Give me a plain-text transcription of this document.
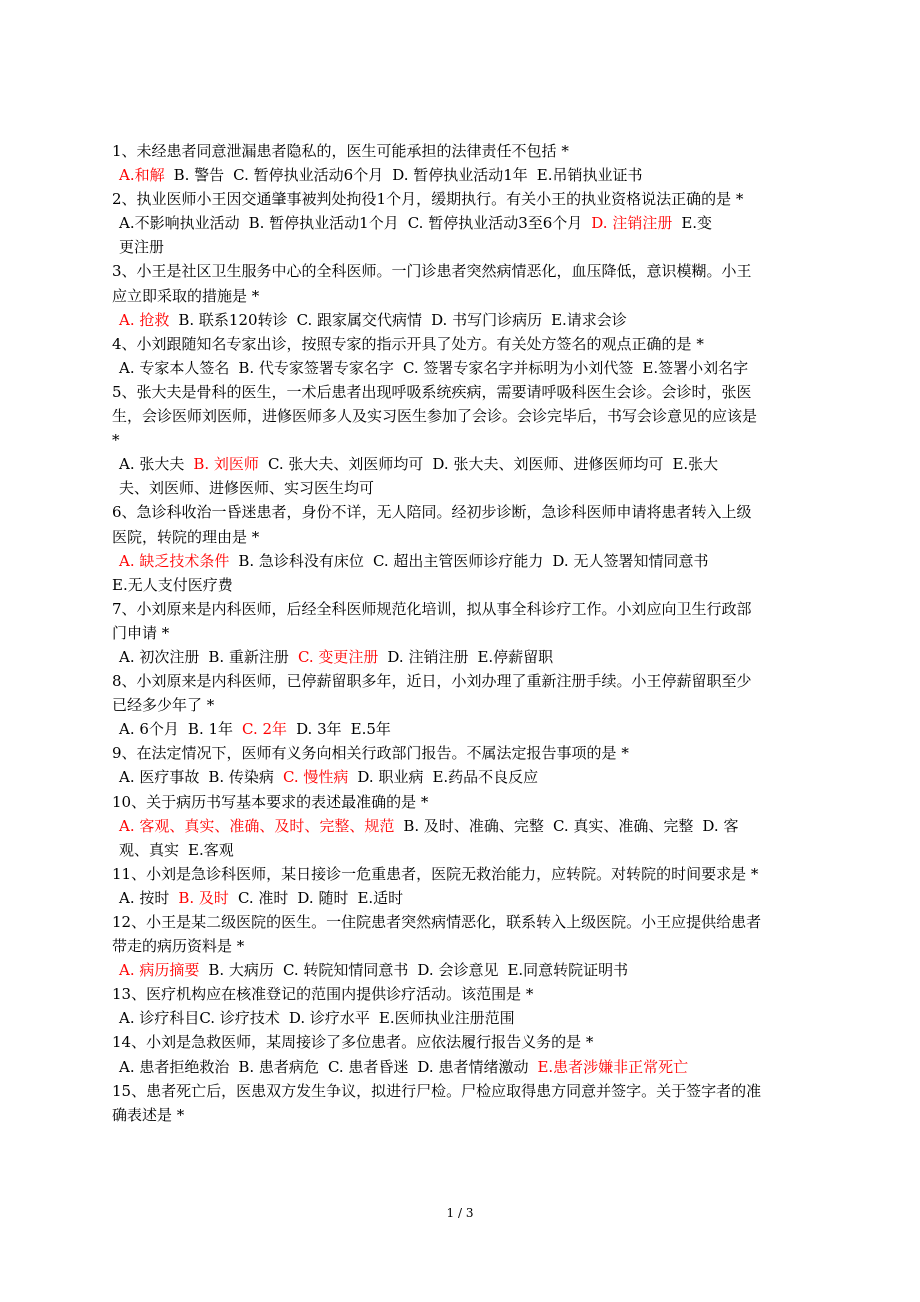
1、未经患者同意泄漏患者隐私的，医生可能承担的法律责任不包括 *
A.和解 B. 警告 C. 暂停执业活动6个月 D. 暂停执业活动1年 E.吊销执业证书
2、执业医师小王因交通肇事被判处拘役1个月，缓期执行。有关小王的执业资格说法正确的是 *
A.不影响执业活动 B. 暂停执业活动1个月 C. 暂停执业活动3至6个月 D. 注销注册 E.变
更注册
3、小王是社区卫生服务中心的全科医师。一门诊患者突然病情恶化，血压降低，意识模糊。小王
应立即采取的措施是 *
A. 抢救 B. 联系120转诊 C. 跟家属交代病情 D. 书写门诊病历 E.请求会诊
4、小刘跟随知名专家出诊，按照专家的指示开具了处方。有关处方签名的观点正确的是 *
A. 专家本人签名 B. 代专家签署专家名字 C. 签署专家名字并标明为小刘代签 E.签署小刘名字
5、张大夫是骨科的医生，一术后患者出现呼吸系统疾病，需要请呼吸科医生会诊。会诊时，张医
生，会诊医师刘医师，进修医师多人及实习医生参加了会诊。会诊完毕后，书写会诊意见的应该是
*
A. 张大夫 B. 刘医师 C. 张大夫、刘医师均可 D. 张大夫、刘医师、进修医师均可 E.张大
夫、刘医师、进修医师、实习医生均可
6、急诊科收治一昏迷患者，身份不详，无人陪同。经初步诊断，急诊科医师申请将患者转入上级
医院，转院的理由是 *
A. 缺乏技术条件 B. 急诊科没有床位 C. 超出主管医师诊疗能力 D. 无人签署知情同意书
E.无人支付医疗费
7、小刘原来是内科医师，后经全科医师规范化培训，拟从事全科诊疗工作。小刘应向卫生行政部
门申请 *
A. 初次注册 B. 重新注册 C. 变更注册 D. 注销注册 E.停薪留职
8、小刘原来是内科医师，已停薪留职多年，近日，小刘办理了重新注册手续。小王停薪留职至少
已经多少年了 *
A. 6个月 B. 1年 C. 2年 D. 3年 E.5年
9、在法定情况下，医师有义务向相关行政部门报告。不属法定报告事项的是 *
A. 医疗事故 B. 传染病 C. 慢性病 D. 职业病 E.药品不良反应
10、关于病历书写基本要求的表述最准确的是 *
A. 客观、真实、准确、及时、完整、规范 B. 及时、准确、完整 C. 真实、准确、完整 D. 客
观、真实 E.客观
11、小刘是急诊科医师，某日接诊一危重患者，医院无救治能力，应转院。对转院的时间要求是 *
A. 按时 B. 及时 C. 准时 D. 随时 E.适时
12、小王是某二级医院的医生。一住院患者突然病情恶化，联系转入上级医院。小王应提供给患者
带走的病历资料是 *
A. 病历摘要 B. 大病历 C. 转院知情同意书 D. 会诊意见 E.同意转院证明书
13、医疗机构应在核准登记的范围内提供诊疗活动。该范围是 *
A. 诊疗科目C. 诊疗技术 D. 诊疗水平 E.医师执业注册范围
14、小刘是急救医师，某周接诊了多位患者。应依法履行报告义务的是 *
A. 患者拒绝救治 B. 患者病危 C. 患者昏迷 D. 患者情绪激动 E.患者涉嫌非正常死亡
15、患者死亡后，医患双方发生争议，拟进行尸检。尸检应取得患方同意并签字。关于签字者的准
确表述是 *
1 / 3
